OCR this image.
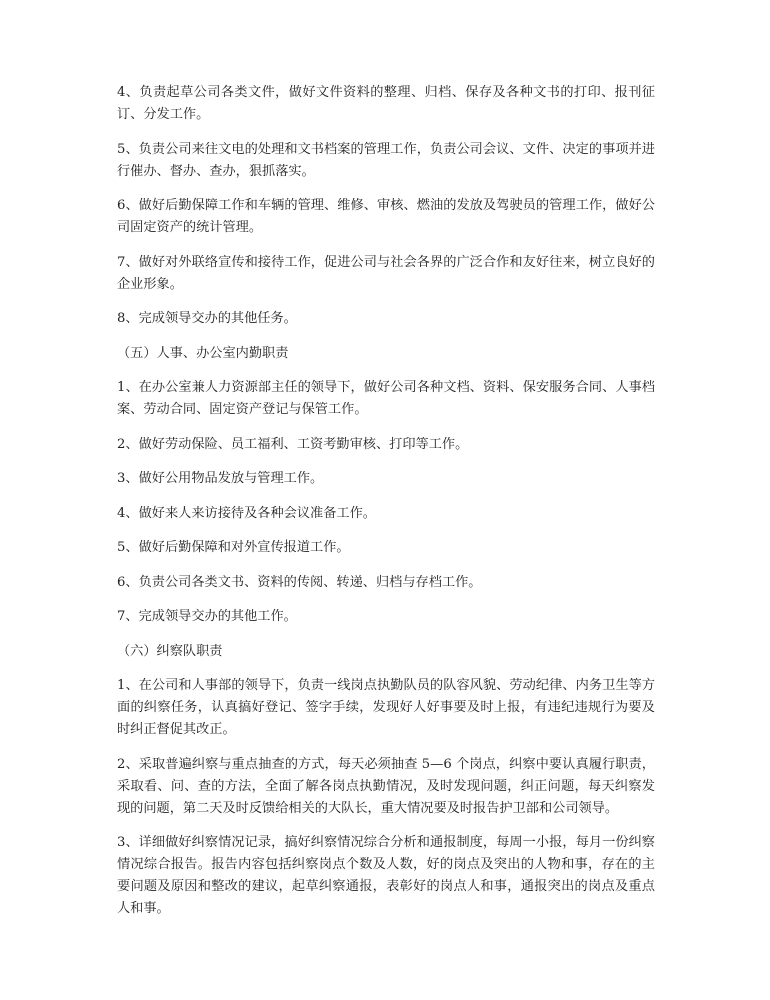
4、负责起草公司各类文件，做好文件资料的整理、归档、保存及各种文书的打印、报刊征订、分发工作。

5、负责公司来往文电的处理和文书档案的管理工作，负责公司会议、文件、决定的事项并进行催办、督办、查办，狠抓落实。

6、做好后勤保障工作和车辆的管理、维修、审核、燃油的发放及驾驶员的管理工作，做好公司固定资产的统计管理。

7、做好对外联络宣传和接待工作，促进公司与社会各界的广泛合作和友好往来，树立良好的企业形象。

8、完成领导交办的其他任务。

（五）人事、办公室内勤职责

1、在办公室兼人力资源部主任的领导下，做好公司各种文档、资料、保安服务合同、人事档案、劳动合同、固定资产登记与保管工作。

2、做好劳动保险、员工福利、工资考勤审核、打印等工作。

3、做好公用物品发放与管理工作。

4、做好来人来访接待及各种会议准备工作。

5、做好后勤保障和对外宣传报道工作。

6、负责公司各类文书、资料的传阅、转递、归档与存档工作。

7、完成领导交办的其他工作。

（六）纠察队职责

1、在公司和人事部的领导下，负责一线岗点执勤队员的队容风貌、劳动纪律、内务卫生等方面的纠察任务，认真搞好登记、签字手续，发现好人好事要及时上报，有违纪违规行为要及时纠正督促其改正。

2、采取普遍纠察与重点抽查的方式，每天必须抽查 5—6 个岗点，纠察中要认真履行职责，采取看、问、查的方法，全面了解各岗点执勤情况，及时发现问题，纠正问题，每天纠察发现的问题，第二天及时反馈给相关的大队长，重大情况要及时报告护卫部和公司领导。

3、详细做好纠察情况记录，搞好纠察情况综合分析和通报制度，每周一小报，每月一份纠察情况综合报告。报告内容包括纠察岗点个数及人数，好的岗点及突出的人物和事，存在的主要问题及原因和整改的建议，起草纠察通报，表彰好的岗点人和事，通报突出的岗点及重点人和事。
